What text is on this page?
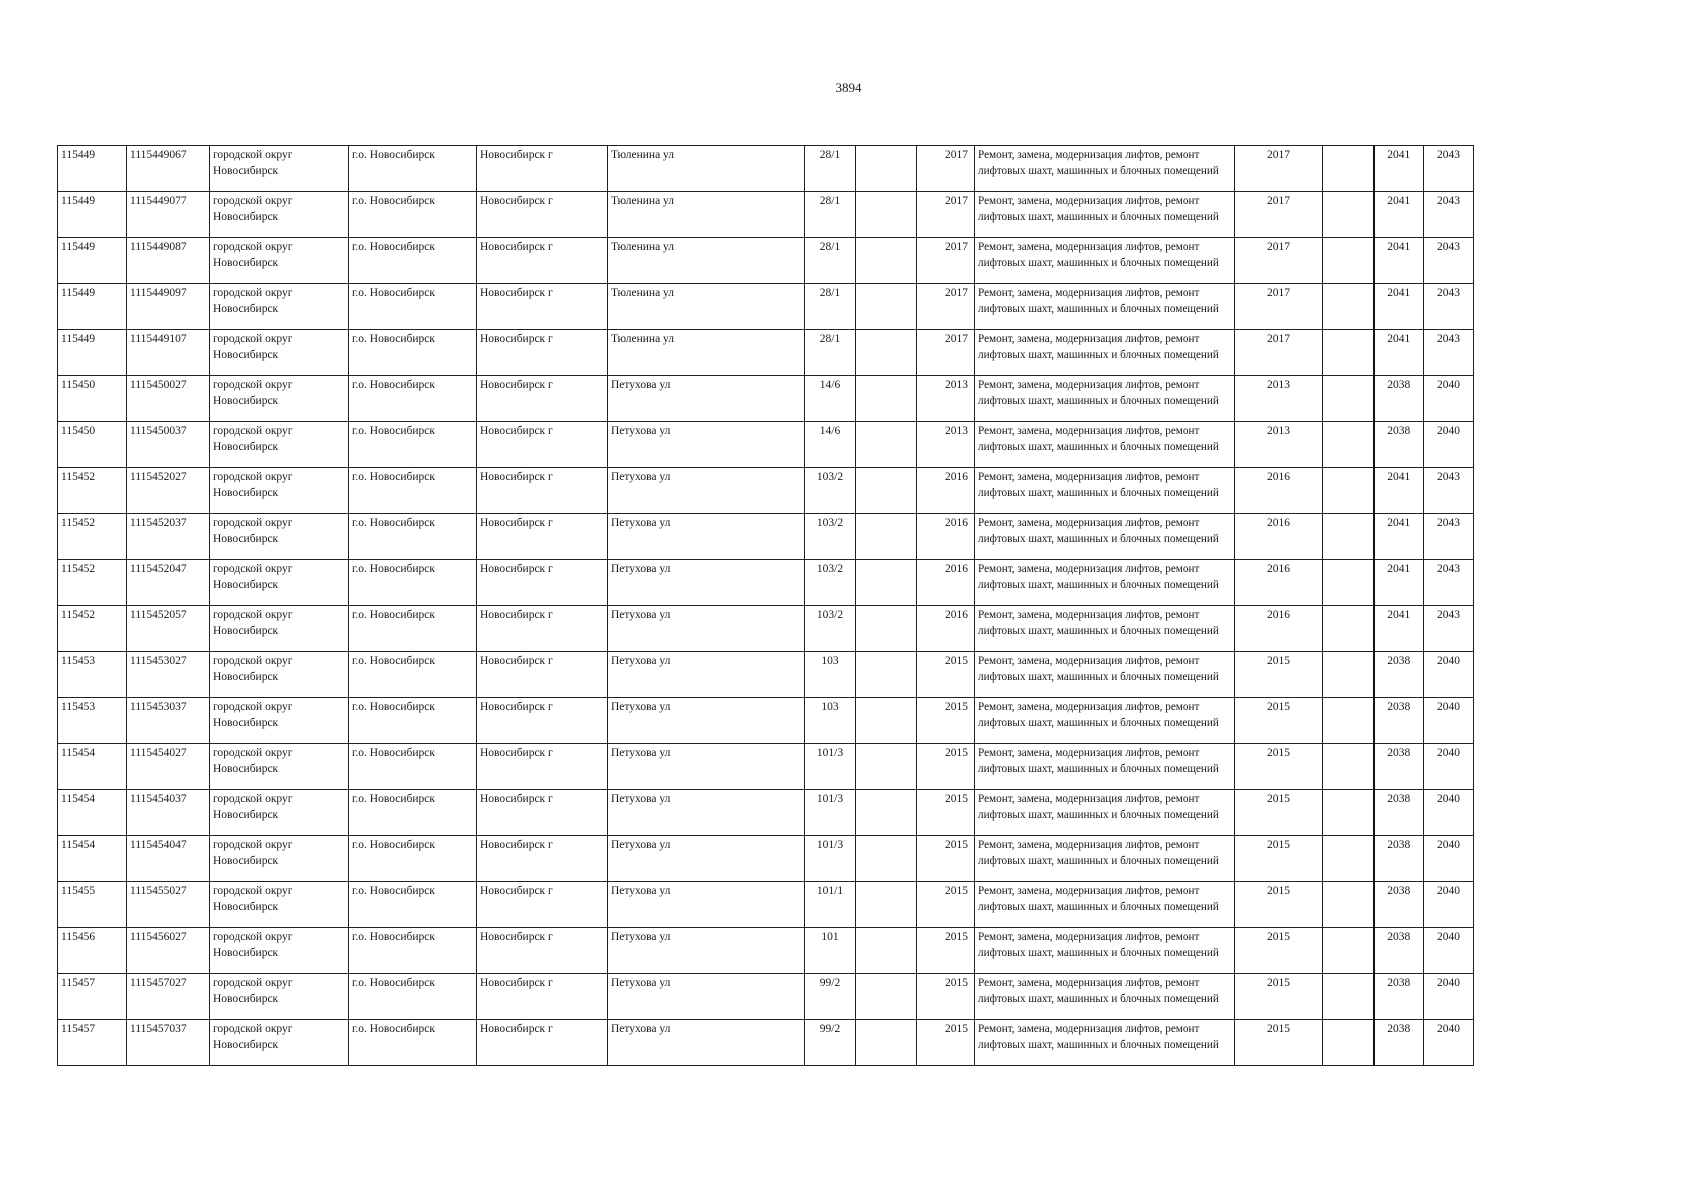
3894
115449	1115449067	городской округ Новосибирск	г.о. Новосибирск	Новосибирск г	Тюленина ул	28/1		2017	Ремонт, замена, модернизация лифтов, ремонт лифтовых шахт, машинных и блочных помещений	2017		2041	2043
115449	1115449077	городской округ Новосибирск	г.о. Новосибирск	Новосибирск г	Тюленина ул	28/1		2017	Ремонт, замена, модернизация лифтов, ремонт лифтовых шахт, машинных и блочных помещений	2017		2041	2043
115449	1115449087	городской округ Новосибирск	г.о. Новосибирск	Новосибирск г	Тюленина ул	28/1		2017	Ремонт, замена, модернизация лифтов, ремонт лифтовых шахт, машинных и блочных помещений	2017		2041	2043
115449	1115449097	городской округ Новосибирск	г.о. Новосибирск	Новосибирск г	Тюленина ул	28/1		2017	Ремонт, замена, модернизация лифтов, ремонт лифтовых шахт, машинных и блочных помещений	2017		2041	2043
115449	1115449107	городской округ Новосибирск	г.о. Новосибирск	Новосибирск г	Тюленина ул	28/1		2017	Ремонт, замена, модернизация лифтов, ремонт лифтовых шахт, машинных и блочных помещений	2017		2041	2043
115450	1115450027	городской округ Новосибирск	г.о. Новосибирск	Новосибирск г	Петухова ул	14/6		2013	Ремонт, замена, модернизация лифтов, ремонт лифтовых шахт, машинных и блочных помещений	2013		2038	2040
115450	1115450037	городской округ Новосибирск	г.о. Новосибирск	Новосибирск г	Петухова ул	14/6		2013	Ремонт, замена, модернизация лифтов, ремонт лифтовых шахт, машинных и блочных помещений	2013		2038	2040
115452	1115452027	городской округ Новосибирск	г.о. Новосибирск	Новосибирск г	Петухова ул	103/2		2016	Ремонт, замена, модернизация лифтов, ремонт лифтовых шахт, машинных и блочных помещений	2016		2041	2043
115452	1115452037	городской округ Новосибирск	г.о. Новосибирск	Новосибирск г	Петухова ул	103/2		2016	Ремонт, замена, модернизация лифтов, ремонт лифтовых шахт, машинных и блочных помещений	2016		2041	2043
115452	1115452047	городской округ Новосибирск	г.о. Новосибирск	Новосибирск г	Петухова ул	103/2		2016	Ремонт, замена, модернизация лифтов, ремонт лифтовых шахт, машинных и блочных помещений	2016		2041	2043
115452	1115452057	городской округ Новосибирск	г.о. Новосибирск	Новосибирск г	Петухова ул	103/2		2016	Ремонт, замена, модернизация лифтов, ремонт лифтовых шахт, машинных и блочных помещений	2016		2041	2043
115453	1115453027	городской округ Новосибирск	г.о. Новосибирск	Новосибирск г	Петухова ул	103		2015	Ремонт, замена, модернизация лифтов, ремонт лифтовых шахт, машинных и блочных помещений	2015		2038	2040
115453	1115453037	городской округ Новосибирск	г.о. Новосибирск	Новосибирск г	Петухова ул	103		2015	Ремонт, замена, модернизация лифтов, ремонт лифтовых шахт, машинных и блочных помещений	2015		2038	2040
115454	1115454027	городской округ Новосибирск	г.о. Новосибирск	Новосибирск г	Петухова ул	101/3		2015	Ремонт, замена, модернизация лифтов, ремонт лифтовых шахт, машинных и блочных помещений	2015		2038	2040
115454	1115454037	городской округ Новосибирск	г.о. Новосибирск	Новосибирск г	Петухова ул	101/3		2015	Ремонт, замена, модернизация лифтов, ремонт лифтовых шахт, машинных и блочных помещений	2015		2038	2040
115454	1115454047	городской округ Новосибирск	г.о. Новосибирск	Новосибирск г	Петухова ул	101/3		2015	Ремонт, замена, модернизация лифтов, ремонт лифтовых шахт, машинных и блочных помещений	2015		2038	2040
115455	1115455027	городской округ Новосибирск	г.о. Новосибирск	Новосибирск г	Петухова ул	101/1		2015	Ремонт, замена, модернизация лифтов, ремонт лифтовых шахт, машинных и блочных помещений	2015		2038	2040
115456	1115456027	городской округ Новосибирск	г.о. Новосибирск	Новосибирск г	Петухова ул	101		2015	Ремонт, замена, модернизация лифтов, ремонт лифтовых шахт, машинных и блочных помещений	2015		2038	2040
115457	1115457027	городской округ Новосибирск	г.о. Новосибирск	Новосибирск г	Петухова ул	99/2		2015	Ремонт, замена, модернизация лифтов, ремонт лифтовых шахт, машинных и блочных помещений	2015		2038	2040
115457	1115457037	городской округ Новосибирск	г.о. Новосибирск	Новосибирск г	Петухова ул	99/2		2015	Ремонт, замена, модернизация лифтов, ремонт лифтовых шахт, машинных и блочных помещений	2015		2038	2040
